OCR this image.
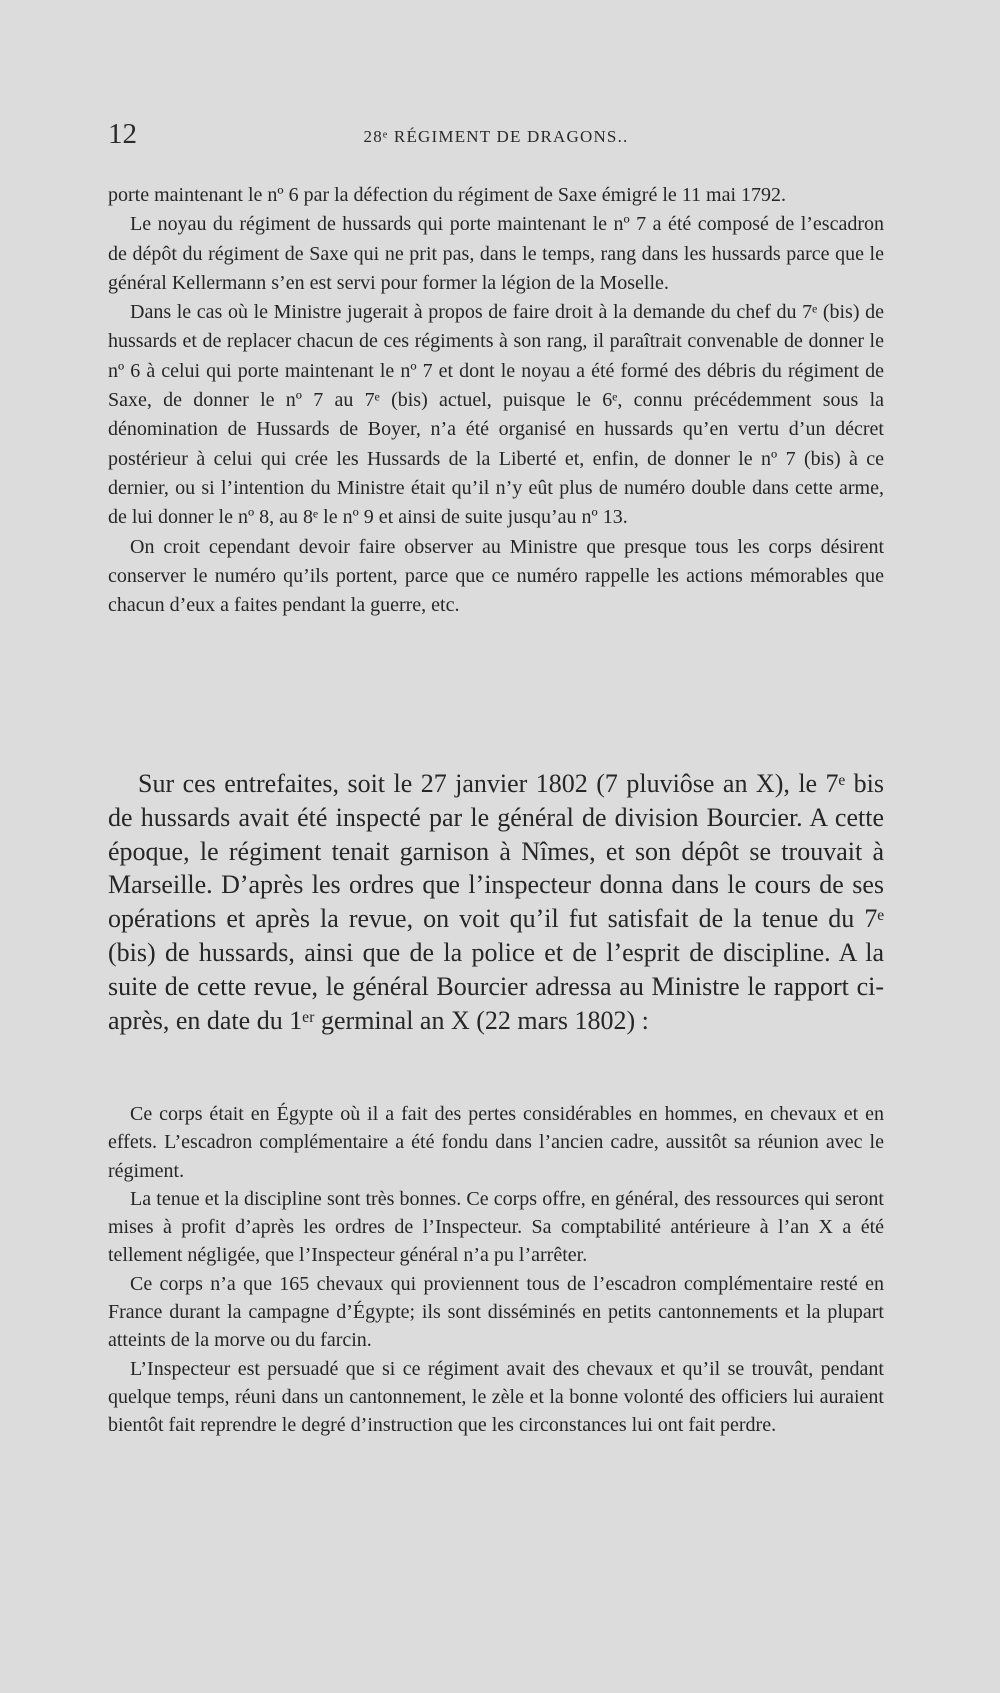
12	28ᵉ RÉGIMENT DE DRAGONS..

porte maintenant le nº 6 par la défection du régiment de Saxe émigré le 11 mai 1792.

Le noyau du régiment de hussards qui porte maintenant le nº 7 a été composé de l’escadron de dépôt du régiment de Saxe qui ne prit pas, dans le temps, rang dans les hussards parce que le général Kellermann s’en est servi pour former la légion de la Moselle.

Dans le cas où le Ministre jugerait à propos de faire droit à la demande du chef du 7ᵉ (bis) de hussards et de replacer chacun de ces régiments à son rang, il paraîtrait convenable de donner le nº 6 à celui qui porte maintenant le nº 7 et dont le noyau a été formé des débris du régiment de Saxe, de donner le nº 7 au 7ᵉ (bis) actuel, puisque le 6ᵉ, connu précédemment sous la dénomination de Hussards de Boyer, n’a été organisé en hussards qu’en vertu d’un décret postérieur à celui qui crée les Hussards de la Liberté et, enfin, de donner le nº 7 (bis) à ce dernier, ou si l’intention du Ministre était qu’il n’y eût plus de numéro double dans cette arme, de lui donner le nº 8, au 8ᵉ le nº 9 et ainsi de suite jusqu’au nº 13.

On croit cependant devoir faire observer au Ministre que presque tous les corps désirent conserver le numéro qu’ils portent, parce que ce numéro rappelle les actions mémorables que chacun d’eux a faites pendant la guerre, etc.

Sur ces entrefaites, soit le 27 janvier 1802 (7 pluviôse an X), le 7ᵉ bis de hussards avait été inspecté par le général de division Bourcier. A cette époque, le régiment tenait garnison à Nîmes, et son dépôt se trouvait à Marseille. D’après les ordres que l’inspecteur donna dans le cours de ses opérations et après la revue, on voit qu’il fut satisfait de la tenue du 7ᵉ (bis) de hussards, ainsi que de la police et de l’esprit de discipline. A la suite de cette revue, le général Bourcier adressa au Ministre le rapport ci-après, en date du 1ᵉʳ germinal an X (22 mars 1802) :

Ce corps était en Égypte où il a fait des pertes considérables en hommes, en chevaux et en effets. L’escadron complémentaire a été fondu dans l’ancien cadre, aussitôt sa réunion avec le régiment.

La tenue et la discipline sont très bonnes. Ce corps offre, en général, des ressources qui seront mises à profit d’après les ordres de l’Inspecteur. Sa comptabilité antérieure à l’an X a été tellement négligée, que l’Inspecteur général n’a pu l’arrêter.

Ce corps n’a que 165 chevaux qui proviennent tous de l’escadron complémentaire resté en France durant la campagne d’Égypte; ils sont disséminés en petits cantonnements et la plupart atteints de la morve ou du farcin.

L’Inspecteur est persuadé que si ce régiment avait des chevaux et qu’il se trouvât, pendant quelque temps, réuni dans un cantonnement, le zèle et la bonne volonté des officiers lui auraient bientôt fait reprendre le degré d’instruction que les circonstances lui ont fait perdre.
